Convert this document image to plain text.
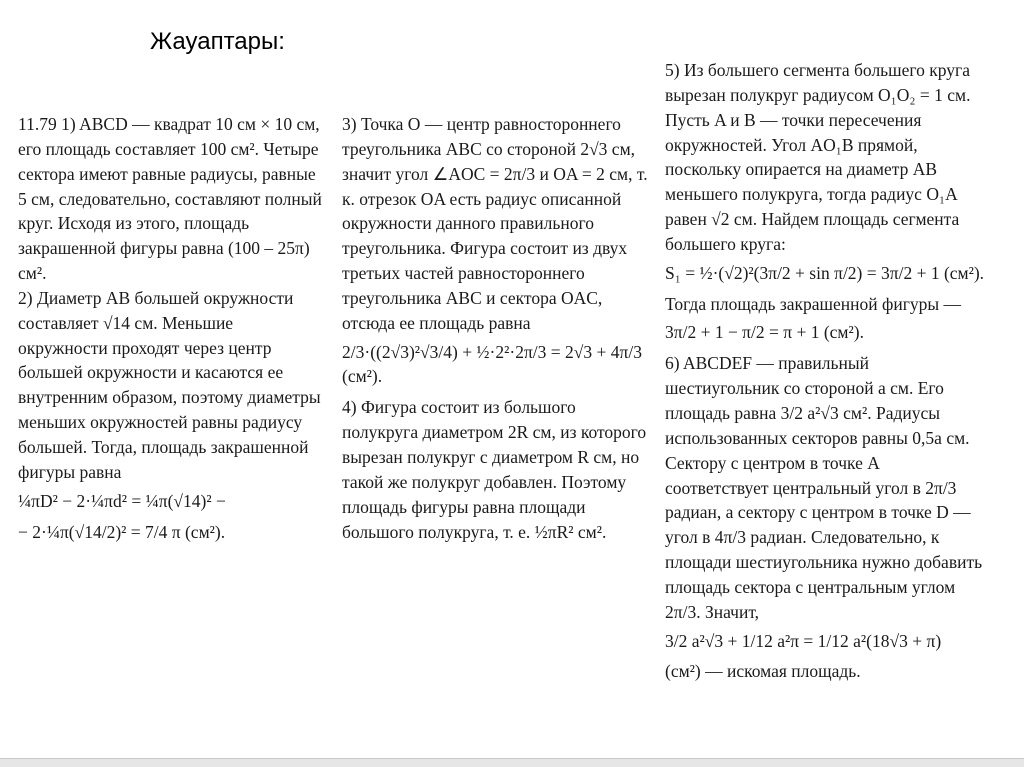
Жауаптары:

11.79 1) ABCD — квадрат 10 см × 10 см, его площадь составляет 100 см². Четыре сектора имеют равные радиусы, равные 5 см, следовательно, составляют полный круг. Исходя из этого, площадь закрашенной фигуры равна (100 – 25π) см².

2) Диаметр AB большей окружности составляет √14 см. Меньшие окружности проходят через центр большей окружности и касаются ее внутренним образом, поэтому диаметры меньших окружностей равны радиусу большей. Тогда, площадь закрашенной фигуры равна

¼πD² − 2·¼πd² = ¼π(√14)² −
− 2·¼π(√14/2)² = 7/4 π (см²).

3) Точка O — центр равностороннего треугольника ABC со стороной 2√3 см, значит угол ∠AOC = 2π/3 и OA = 2 см, т. к. отрезок OA есть радиус описанной окружности данного правильного треугольника. Фигура состоит из двух третьих частей равностороннего треугольника ABC и сектора OAC, отсюда ее площадь равна

2/3·((2√3)²√3/4) + ½·2²·2π/3 = 2√3 + 4π/3 (см²).

4) Фигура состоит из большого полукруга диаметром 2R см, из которого вырезан полукруг с диаметром R см, но такой же полукруг добавлен. Поэтому площадь фигуры равна площади большого полукруга, т. е. ½πR² см².

5) Из большего сегмента большего круга вырезан полукруг радиусом O₁O₂ = 1 см. Пусть A и B — точки пересечения окружностей. Угол AO₁B прямой, поскольку опирается на диаметр AB меньшего полукруга, тогда радиус O₁A равен √2 см. Найдем площадь сегмента большего круга:

S₁ = ½·(√2)²(3π/2 + sin π/2) = 3π/2 + 1 (см²).

Тогда площадь закрашенной фигуры —

3π/2 + 1 − π/2 = π + 1 (см²).

6) ABCDEF — правильный шестиугольник со стороной a см. Его площадь равна 3/2 a²√3 см². Радиусы использованных секторов равны 0,5a см. Сектору с центром в точке A соответствует центральный угол в 2π/3 радиан, а сектору с центром в точке D — угол в 4π/3 радиан. Следовательно, к площади шестиугольника нужно добавить площадь сектора с центральным углом 2π/3. Значит,

3/2 a²√3 + 1/12 a²π = 1/12 a²(18√3 + π)

(см²) — искомая площадь.
